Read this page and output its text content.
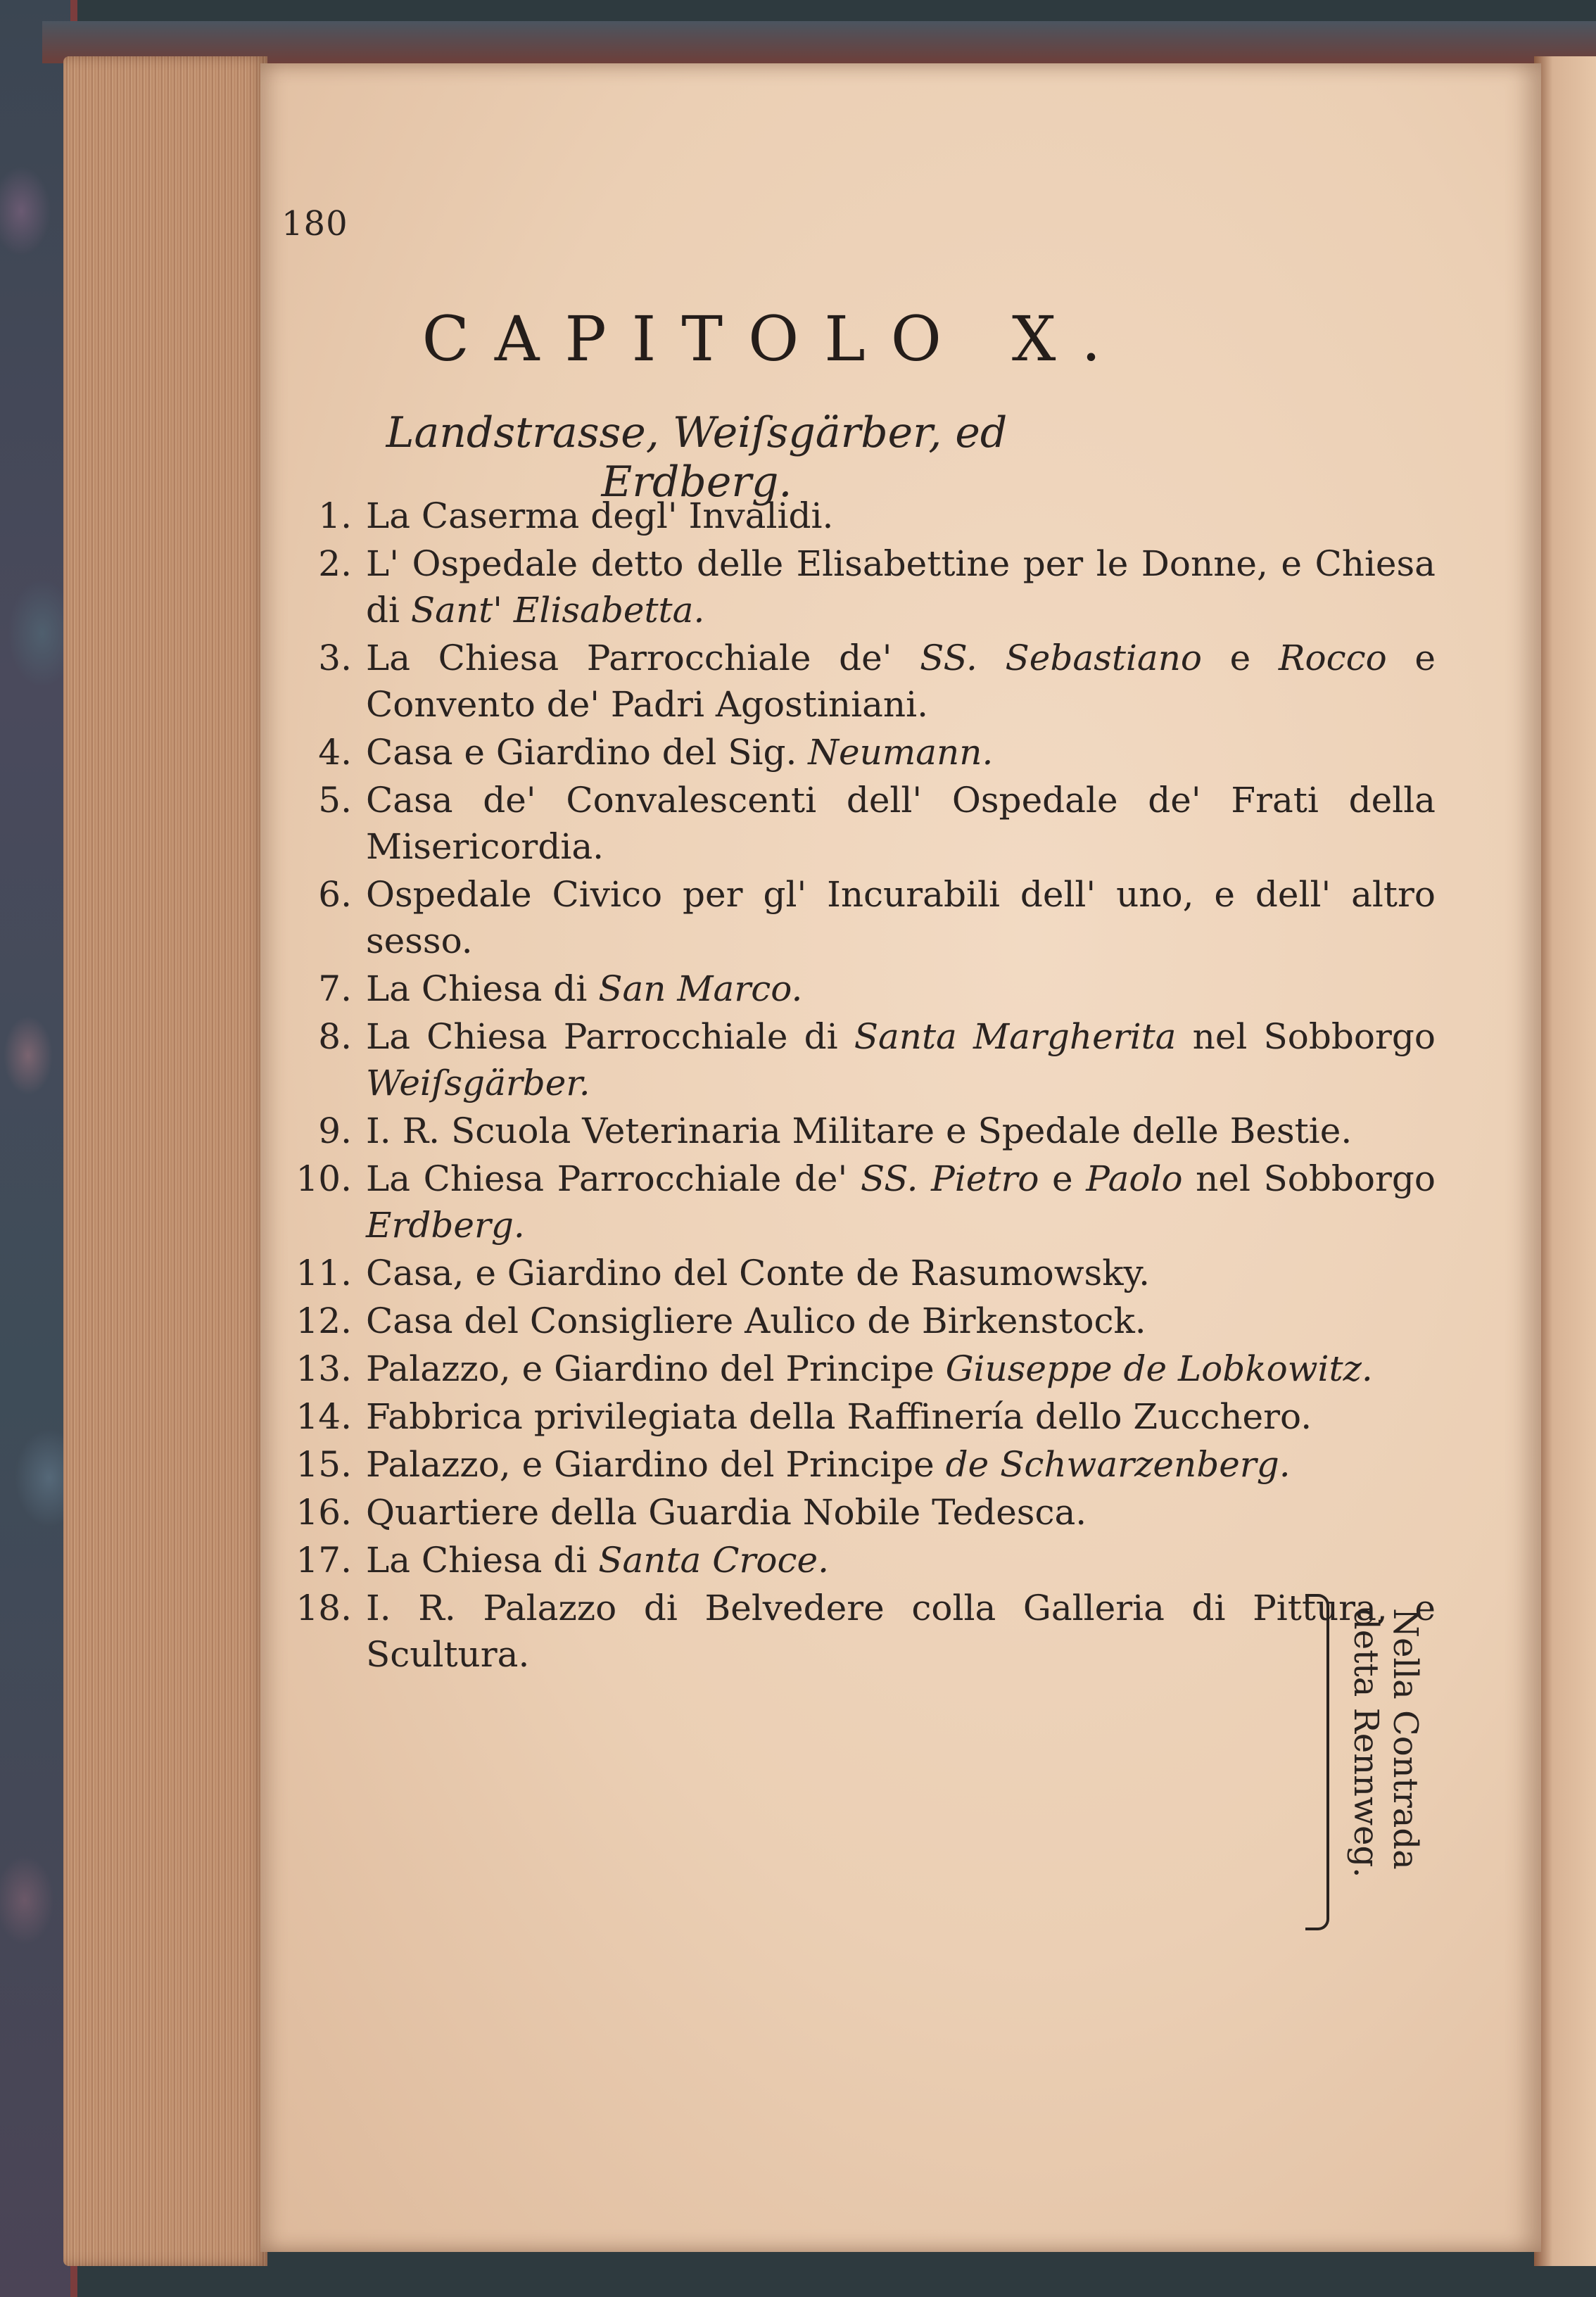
180
CAPITOLO X.
Landstrasse, Weiſsgärber, ed Erdberg.
1. La Caserma degl' Invalidi.
2. L' Ospedale detto delle Elisabettine per le Donne, e Chiesa di Sant' Elisabetta.
3. La Chiesa Parrocchiale de' SS. Sebastiano e Rocco e Convento de' Padri Agostiniani.
4. Casa e Giardino del Sig. Neumann.
5. Casa de' Convalescenti dell' Ospedale de' Frati della Misericordia.
6. Ospedale Civico per gl' Incurabili dell' uno, e dell' altro sesso.
7. La Chiesa di San Marco.
8. La Chiesa Parrocchiale di Santa Margherita nel Sobborgo Weiſsgärber.
9. I. R. Scuola Veterinaria Militare e Spedale delle Bestie.
10. La Chiesa Parrocchiale de' SS. Pietro e Paolo nel Sobborgo Erdberg.
11. Casa, e Giardino del Conte de Rasumowsky.
12. Casa del Consigliere Aulico de Birkenstock.
13. Palazzo, e Giardino del Principe Giuseppe de Lobkowitz.
14. Fabbrica privilegiata della Raffinería dello Zucchero.
15. Palazzo, e Giardino del Principe de Schwarzenberg.
16. Quartiere della Guardia Nobile Tedesca.
17. La Chiesa di Santa Croce.
18. I. R. Palazzo di Belvedere colla Galleria di Pittura, e Scultura.	Nella Contrada detta Rennweg.
